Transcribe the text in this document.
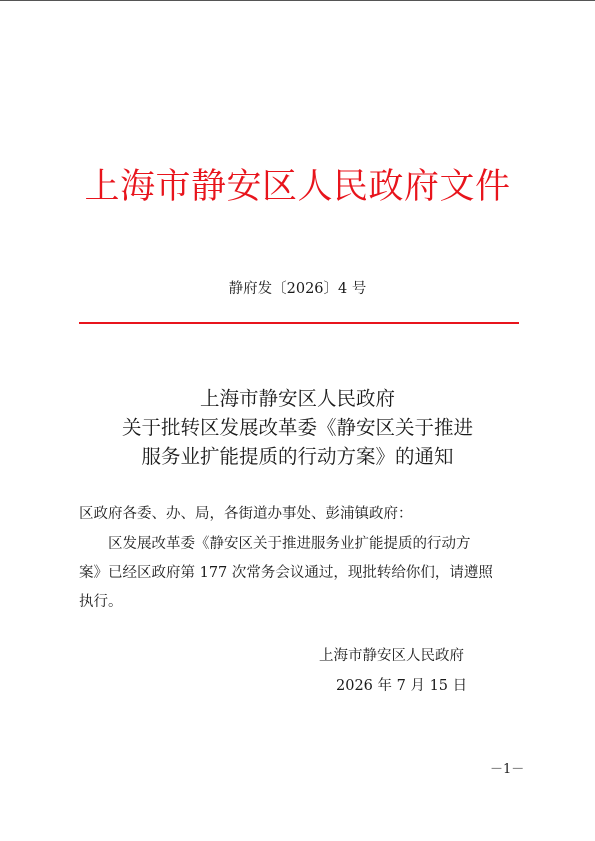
上海市静安区人民政府文件
静府发〔2026〕4 号
上海市静安区人民政府
关于批转区发展改革委《静安区关于推进
服务业扩能提质的行动方案》的通知
区政府各委、办、局，各街道办事处、彭浦镇政府：
区发展改革委《静安区关于推进服务业扩能提质的行动方
案》已经区政府第 177 次常务会议通过，现批转给你们，请遵照
执行。
上海市静安区人民政府
2026 年 7 月 15 日
－1－
